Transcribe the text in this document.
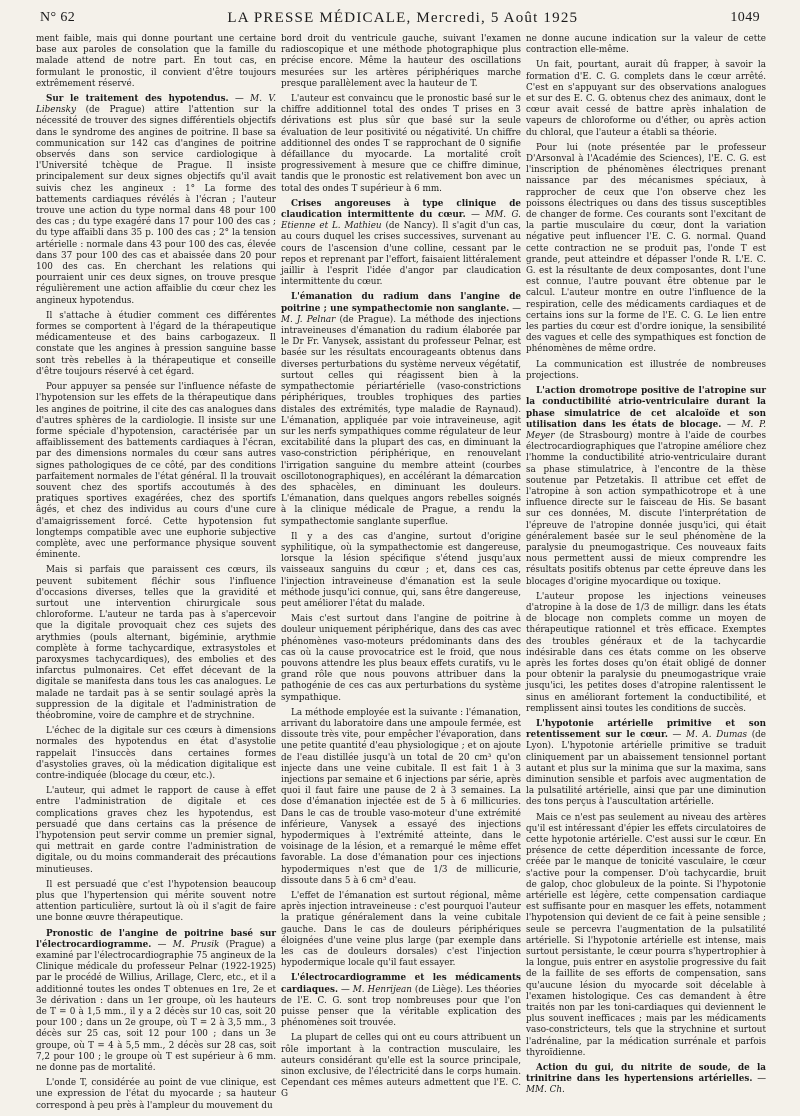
N° 62	LA PRESSE MÉDICALE, Mercredi, 5 Août 1925	1049

ment faible, mais qui donne pourtant une certaine base aux paroles de consolation que la famille du malade attend de notre part. En tout cas, en formulant le pronostic, il convient d'être toujours extrêmement réservé.

Sur le traitement des hypotendus. — M. V. Libensky (de Prague) attire l'attention sur la nécessité de trouver des signes différentiels objectifs dans le syndrome des angines de poitrine. Il base sa communication sur 142 cas d'angines de poitrine observés dans son service cardiologique à l'Université tchèque de Prague. Il insiste principalement sur deux signes objectifs qu'il avait suivis chez les angineux : 1° La forme des battements cardiaques révélés à l'écran ; l'auteur trouve une action du type normal dans 48 pour 100 des cas ; du type exagéré dans 17 pour 100 des cas ; du type affaibli dans 35 p. 100 des cas ; 2° la tension artérielle : normale dans 43 pour 100 des cas, élevée dans 37 pour 100 des cas et abaissée dans 20 pour 100 des cas. En cherchant les relations qui pourraient unir ces deux signes, on trouve presque régulièrement une action affaiblie du cœur chez les angineux hypotendus.

Il s'attache à étudier comment ces différentes formes se comportent à l'égard de la thérapeutique médicamenteuse et des bains carbogazeux. Il constate que les angines à pression sanguine basse sont très rebelles à la thérapeutique et conseille d'être toujours réservé à cet égard.

Pour appuyer sa pensée sur l'influence néfaste de l'hypotension sur les effets de la thérapeutique dans les angines de poitrine, il cite des cas analogues dans d'autres sphères de la cardiologie. Il insiste sur une forme spéciale d'hypotension, caractérisée par un affaiblissement des battements cardiaques à l'écran, par des dimensions normales du cœur sans autres signes pathologiques de ce côté, par des conditions parfaitement normales de l'état général. Il la trouvait souvent chez des sportifs accoutumés à des pratiques sportives exagérées, chez des sportifs âgés, et chez des individus au cours d'une cure d'amaigrissement forcé. Cette hypotension fut longtemps compatible avec une euphorie subjective complète, avec une performance physique souvent éminente.

Mais si parfais que paraissent ces cœurs, ils peuvent subitement fléchir sous l'influence d'occasions diverses, telles que la gravidité et surtout une intervention chirurgicale sous chloroforme. L'auteur ne tarda pas à s'apercevoir que la digitale provoquait chez ces sujets des arythmies (pouls alternant, bigéminie, arythmie complète à forme tachycardique, extrasystoles et paroxysmes tachycardiques), des embolies et des infarctus pulmonaires. Cet effet décevant de la digitale se manifesta dans tous les cas analogues. Le malade ne tardait pas à se sentir soulagé après la suppression de la digitale et l'administration de théobromine, voire de camphre et de strychnine.

L'échec de la digitale sur ces cœurs à dimensions normales des hypotendus en état d'asystolie rappelait l'insuccès dans certaines formes d'asystolies graves, où la médication digitalique est contre-indiquée (blocage du cœur, etc.).

L'auteur, qui admet le rapport de cause à effet entre l'administration de digitale et ces complications graves chez les hypotendus, est persuadé que dans certains cas la présence de l'hypotension peut servir comme un premier signal, qui mettrait en garde contre l'administration de digitale, ou du moins commanderait des précautions minutieuses.

Il est persuadé que c'est l'hypotension beaucoup plus que l'hypertension qui mérite souvent notre attention particulière, surtout là où il s'agit de faire une bonne œuvre thérapeutique.

Pronostic de l'angine de poitrine basé sur l'électrocardiogramme. — M. Prusik (Prague) a examiné par l'électrocardiographie 75 angineux de la Clinique médicale du professeur Pelnar (1922-1925) par le procédé de Willius, Arillage, Clerc, etc., et il a additionné toutes les ondes T obtenues en 1re, 2e et 3e dérivation : dans un 1er groupe, où les hauteurs de T = 0 à 1,5 mm., il y a 2 décès sur 10 cas, soit 20 pour 100 ; dans un 2e groupe, où T = 2 à 3,5 mm., 3 décès sur 25 cas, soit 12 pour 100 ; dans un 3e groupe, où T = 4 à 5,5 mm., 2 décès sur 28 cas, soit 7,2 pour 100 ; le groupe où T est supérieur à 6 mm. ne donne pas de mortalité.

L'onde T, considérée au point de vue clinique, est une expression de l'état du myocarde ; sa hauteur correspond à peu près à l'ampleur du mouvement du

bord droit du ventricule gauche, suivant l'examen radioscopique et une méthode photographique plus précise encore. Même la hauteur des oscillations mesurées sur les artères périphériques marche presque parallèlement avec la hauteur de T.

L'auteur est convaincu que le pronostic basé sur le chiffre additionnel total des ondes T prises en 3 dérivations est plus sûr que basé sur la seule évaluation de leur positivité ou négativité. Un chiffre additionnel des ondes T se rapprochant de 0 signifie défaillance du myocarde. La mortalité croît progressivement à mesure que ce chiffre diminue, tandis que le pronostic est relativement bon avec un total des ondes T supérieur à 6 mm.

Crises angoreuses à type clinique de claudication intermittente du cœur. — MM. G. Etienne et L. Mathieu (de Nancy). Il s'agit d'un cas, au cours duquel les crises successives, survenant au cours de l'ascension d'une colline, cessant par le repos et reprenant par l'effort, faisaient littéralement jaillir à l'esprit l'idée d'angor par claudication intermittente du cœur.

L'émanation du radium dans l'angine de poitrine ; une sympathectomie non sanglante. — M. J. Pelnar (de Prague). La méthode des injections intraveineuses d'émanation du radium élaborée par le Dr Fr. Vanysek, assistant du professeur Pelnar, est basée sur les résultats encourageants obtenus dans diverses perturbations du système nerveux végétatif, surtout celles qui réagissent bien à la sympathectomie périartérielle (vaso-constrictions périphériques, troubles trophiques des parties distales des extrémités, type maladie de Raynaud). L'émanation, appliquée par voie intraveineuse, agit sur les nerfs sympathiques comme régulateur de leur excitabilité dans la plupart des cas, en diminuant la vaso-constriction périphérique, en renouvelant l'irrigation sanguine du membre atteint (courbes oscillotonographiques), en accélérant la démarcation des sphacèles, en diminuant les douleurs. L'émanation, dans quelques angors rebelles soignés à la clinique médicale de Prague, a rendu la sympathectomie sanglante superflue.

Il y a des cas d'angine, surtout d'origine syphilitique, où la sympathectomie est dangereuse, lorsque la lésion spécifique s'étend jusqu'aux vaisseaux sanguins du cœur ; et, dans ces cas, l'injection intraveineuse d'émanation est la seule méthode jusqu'ici connue, qui, sans être dangereuse, peut améliorer l'état du malade.

Mais c'est surtout dans l'angine de poitrine à douleur uniquement périphérique, dans des cas avec phénomènes vaso-moteurs prédominants dans des cas où la cause provocatrice est le froid, que nous pouvons attendre les plus beaux effets curatifs, vu le grand rôle que nous pouvons attribuer dans la pathogénie de ces cas aux perturbations du système sympathique.

La méthode employée est la suivante : l'émanation, arrivant du laboratoire dans une ampoule fermée, est dissoute très vite, pour empêcher l'évaporation, dans une petite quantité d'eau physiologique ; et on ajoute de l'eau distillée jusqu'à un total de 20 cm³ qu'on injecte dans une veine cubitale. Il est fait 1 à 3 injections par semaine et 6 injections par série, après quoi il faut faire une pause de 2 à 3 semaines. La dose d'émanation injectée est de 5 à 6 millicuries. Dans le cas de trouble vaso-moteur d'une extrémité inférieure, Vanysek a essayé des injections hypodermiques à l'extrémité atteinte, dans le voisinage de la lésion, et a remarqué le même effet favorable. La dose d'émanation pour ces injections hypodermiques n'est que de 1/3 de millicurie, dissoute dans 5 à 6 cm³ d'eau.

L'effet de l'émanation est surtout régional, même après injection intraveineuse : c'est pourquoi l'auteur la pratique généralement dans la veine cubitale gauche. Dans le cas de douleurs périphériques éloignées d'une veine plus large (par exemple dans les cas de douleurs dorsales) c'est l'injection hypodermique locale qu'il faut essayer.

L'électrocardiogramme et les médicaments cardiaques. — M. Henrijean (de Liège). Les théories de l'E. C. G. sont trop nombreuses pour que l'on puisse penser que la véritable explication des phénomènes soit trouvée.

La plupart de celles qui ont eu cours attribuent un rôle important à la contraction musculaire, les auteurs considérant qu'elle est la source principale, sinon exclusive, de l'électricité dans le corps humain. Cependant ces mêmes auteurs admettent que l'E. C. G

ne donne aucune indication sur la valeur de cette contraction elle-même.

Un fait, pourtant, aurait dû frapper, à savoir la formation d'E. C. G. complets dans le cœur arrêté. C'est en s'appuyant sur des observations analogues et sur des E. C. G. obtenus chez des animaux, dont le cœur avait cessé de battre après inhalation de vapeurs de chloroforme ou d'éther, ou après action du chloral, que l'auteur a établi sa théorie.

Pour lui (note présentée par le professeur D'Arsonval à l'Académie des Sciences), l'E. C. G. est l'inscription de phénomènes électriques prenant naissance par des mécanismes spéciaux, à rapprocher de ceux que l'on observe chez les poissons électriques ou dans des tissus susceptibles de changer de forme. Ces courants sont l'excitant de la partie musculaire du cœur, dont la variation négative peut influencer l'E. C. G. normal. Quand cette contraction ne se produit pas, l'onde T est grande, peut atteindre et dépasser l'onde R. L'E. C. G. est la résultante de deux composantes, dont l'une est connue, l'autre pouvant être obtenue par le calcul. L'auteur montre en outre l'influence de la respiration, celle des médicaments cardiaques et de certains ions sur la forme de l'E. C. G. Le lien entre les parties du cœur est d'ordre ionique, la sensibilité des vagues et celle des sympathiques est fonction de phénomènes de même ordre.

La communication est illustrée de nombreuses projections.

L'action dromotrope positive de l'atropine sur la conductibilité atrio-ventriculaire durant la phase simulatrice de cet alcaloïde et son utilisation dans les états de blocage. — M. P. Meyer (de Strasbourg) montre à l'aide de courbes électrocardiographiques que l'atropine améliore chez l'homme la conductibilité atrio-ventriculaire durant sa phase stimulatrice, à l'encontre de la thèse soutenue par Petzetakis. Il attribue cet effet de l'atropine à son action sympathicotrope et à une influence directe sur le faisceau de His. Se basant sur ces données, M. discute l'interprétation de l'épreuve de l'atropine donnée jusqu'ici, qui était généralement basée sur le seul phénomène de la paralysie du pneumogastrique. Ces nouveaux faits nous permettent aussi de mieux comprendre les résultats positifs obtenus par cette épreuve dans les blocages d'origine myocardique ou toxique.

L'auteur propose les injections veineuses d'atropine à la dose de 1/3 de milligr. dans les états de blocage non complets comme un moyen de thérapeutique rationnel et très efficace. Exemptes des troubles généraux et de la tachycardie indésirable dans ces états comme on les observe après les fortes doses qu'on était obligé de donner pour obtenir la paralysie du pneumogastrique vraie jusqu'ici, les petites doses d'atropine ralentissent le sinus en améliorant fortement la conductibilité, et remplissent ainsi toutes les conditions de succès.

L'hypotonie artérielle primitive et son retentissement sur le cœur. — M. A. Dumas (de Lyon). L'hypotonie artérielle primitive se traduit cliniquement par un abaissement tensionnel portant autant et plus sur la minima que sur la maxima, sans diminution sensible et parfois avec augmentation de la pulsatilité artérielle, ainsi que par une diminution des tons perçus à l'auscultation artérielle.

Mais ce n'est pas seulement au niveau des artères qu'il est intéressant d'épier les effets circulatoires de cette hypotonie artérielle. C'est aussi sur le cœur. En présence de cette déperdition incessante de force, créée par le manque de tonicité vasculaire, le cœur s'active pour la compenser. D'où tachycardie, bruit de galop, choc globuleux de la pointe. Si l'hypotonie artérielle est légère, cette compensation cardiaque est suffisante pour en masquer les effets, notamment l'hypotension qui devient de ce fait à peine sensible ; seule se percevra l'augmentation de la pulsatilité artérielle. Si l'hypotonie artérielle est intense, mais surtout persistante, le cœur pourra s'hypertrophier à la longue, puis entrer en asystolie progressive du fait de la faillite de ses efforts de compensation, sans qu'aucune lésion du myocarde soit décelable à l'examen histologique. Ces cas demandent à être traités non par les toni-cardiaques qui deviennent le plus souvent inefficaces ; mais par les médicaments vaso-constricteurs, tels que la strychnine et surtout l'adrénaline, par la médication surrénale et parfois thyroïdienne.

Action du gui, du nitrite de soude, de la trinitrine dans les hypertensions artérielles. — MM. Ch.
